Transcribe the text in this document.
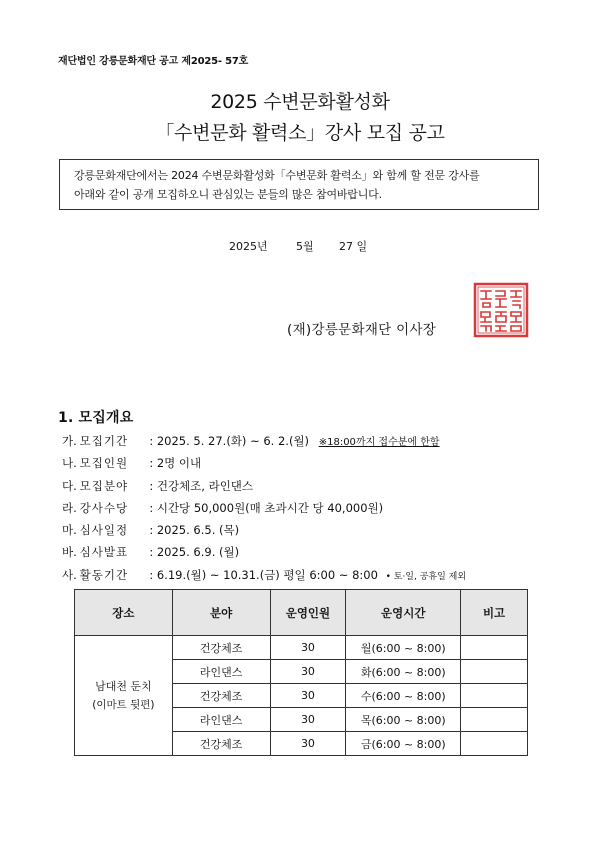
재단법인 강릉문화재단 공고 제2025- 57호
2025 수변문화활성화
「수변문화 활력소」강사 모집 공고

강릉문화재단에서는 2024 수변문화활성화「수변문화 활력소」와 함께 할 전문 강사를

아래와 같이 공개 모집하오니 관심있는 분들의 많은 참여바랍니다.

2025년	5월 27 일
(재)강릉문화재단 이사장
1. 모집개요
가. 모집기간 : 2025. 5. 27.(화) ~ 6. 2.(월) ※18:00까지 접수분에 한함
나. 모집인원 : 2명 이내
다. 모집분야 : 건강체조, 라인댄스
라. 강사수당 : 시간당 50,000원(매 초과시간 당 40,000원)
마. 심사일정 : 2025. 6.5. (목)
바. 심사발표 : 2025. 6.9. (월)
사. 활동기간 : 6.19.(월) ~ 10.31.(금) 평일 6:00 ~ 8:00 • 토·일, 공휴일 제외
장소	분야	운영인원	운영시간	비고

남대천 둔치
(이마트 뒷편)	건강체조	30	월(6:00 ~ 8:00)	
	라인댄스	30	화(6:00 ~ 8:00)	
	건강체조	30	수(6:00 ~ 8:00)	
	라인댄스	30	목(6:00 ~ 8:00)	
	건강체조	30	금(6:00 ~ 8:00)	
